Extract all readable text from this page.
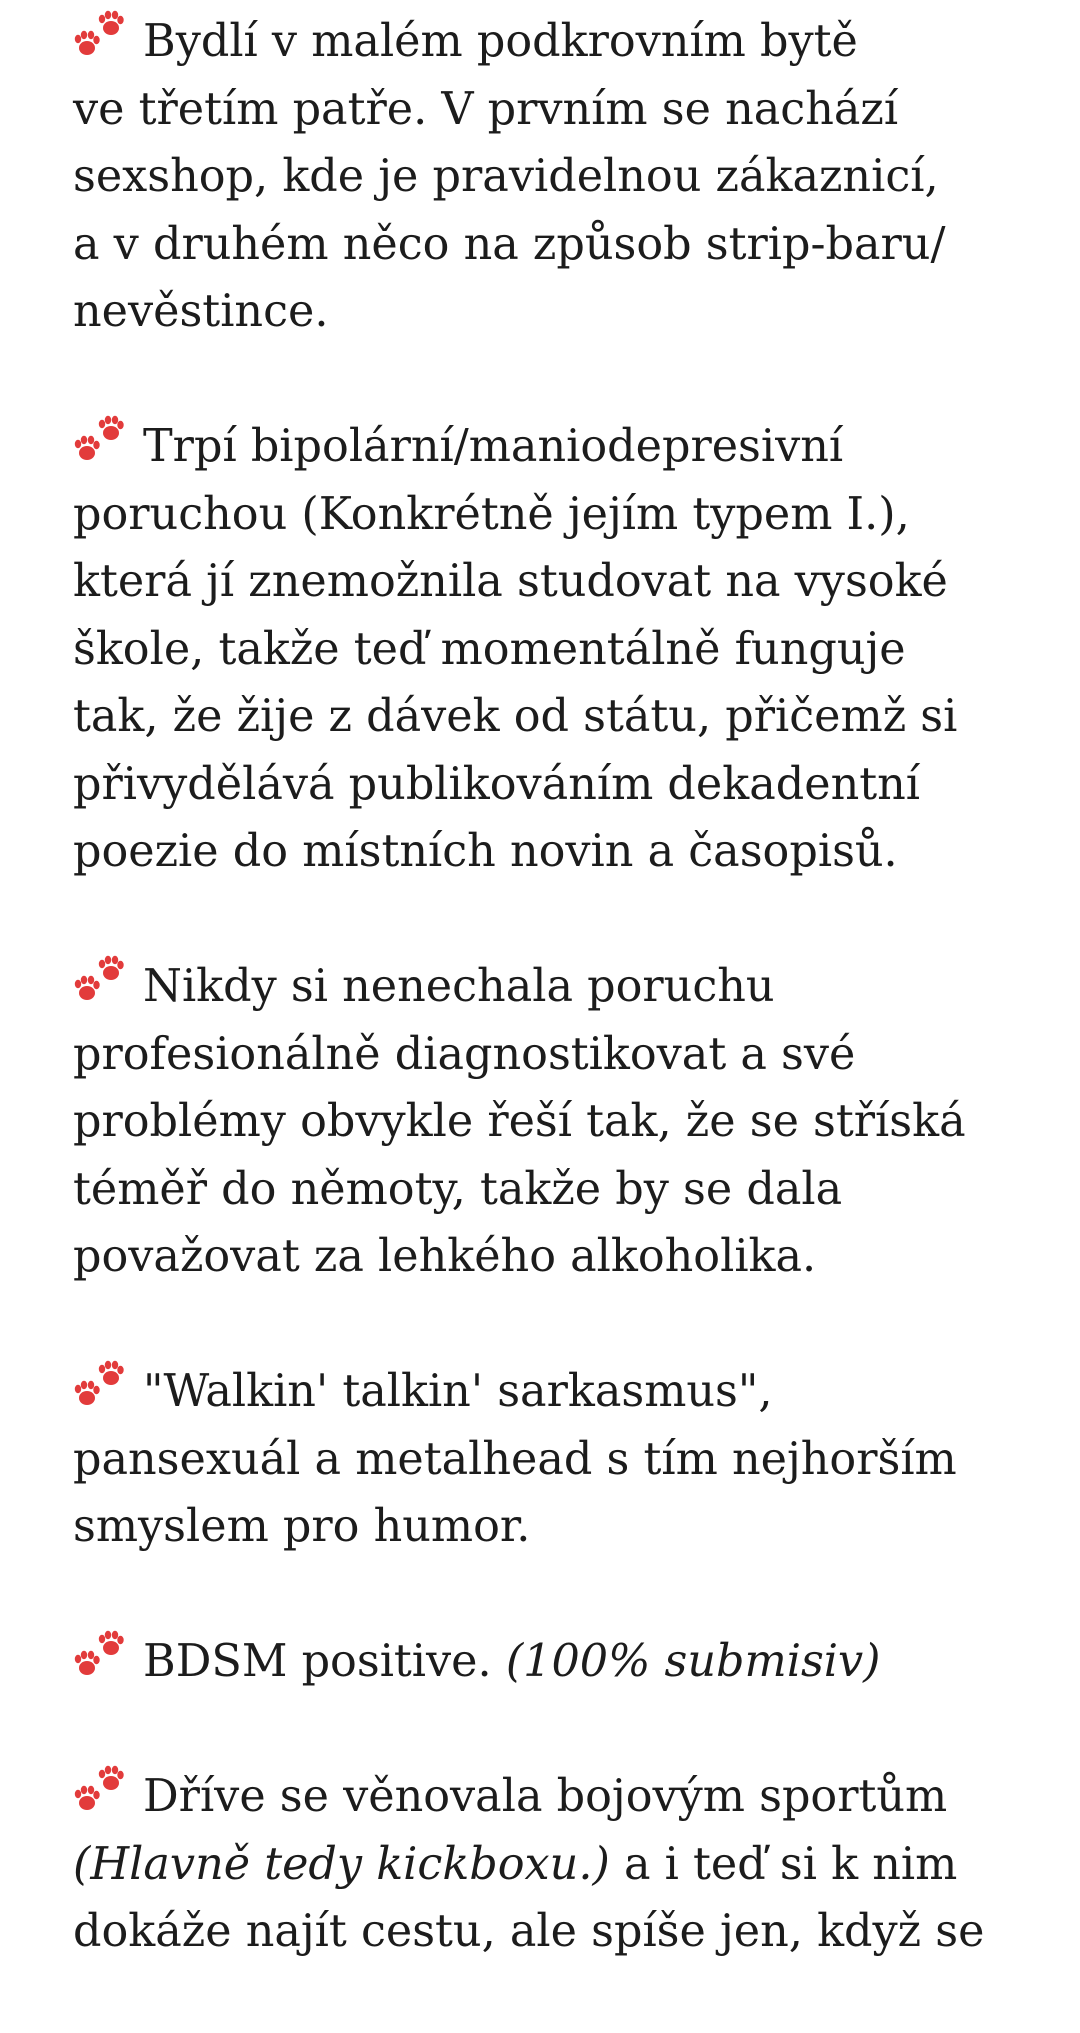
Bydlí v malém podkrovním bytě
ve třetím patře. V prvním se nachází
sexshop, kde je pravidelnou zákaznicí,
a v druhém něco na způsob strip-baru/
nevěstince.

Trpí bipolární/maniodepresivní
poruchou (Konkrétně jejím typem I.),
která jí znemožnila studovat na vysoké
škole, takže teď momentálně funguje
tak, že žije z dávek od státu, přičemž si
přivydělává publikováním dekadentní
poezie do místních novin a časopisů.

Nikdy si nenechala poruchu
profesionálně diagnostikovat a své
problémy obvykle řeší tak, že se stříská
téměř do němoty, takže by se dala
považovat za lehkého alkoholika.

"Walkin' talkin' sarkasmus",
pansexuál a metalhead s tím nejhorším
smyslem pro humor.

BDSM positive. (100% submisiv)

Dříve se věnovala bojovým sportům
(Hlavně tedy kickboxu.) a i teď si k nim
dokáže najít cestu, ale spíše jen, když se
